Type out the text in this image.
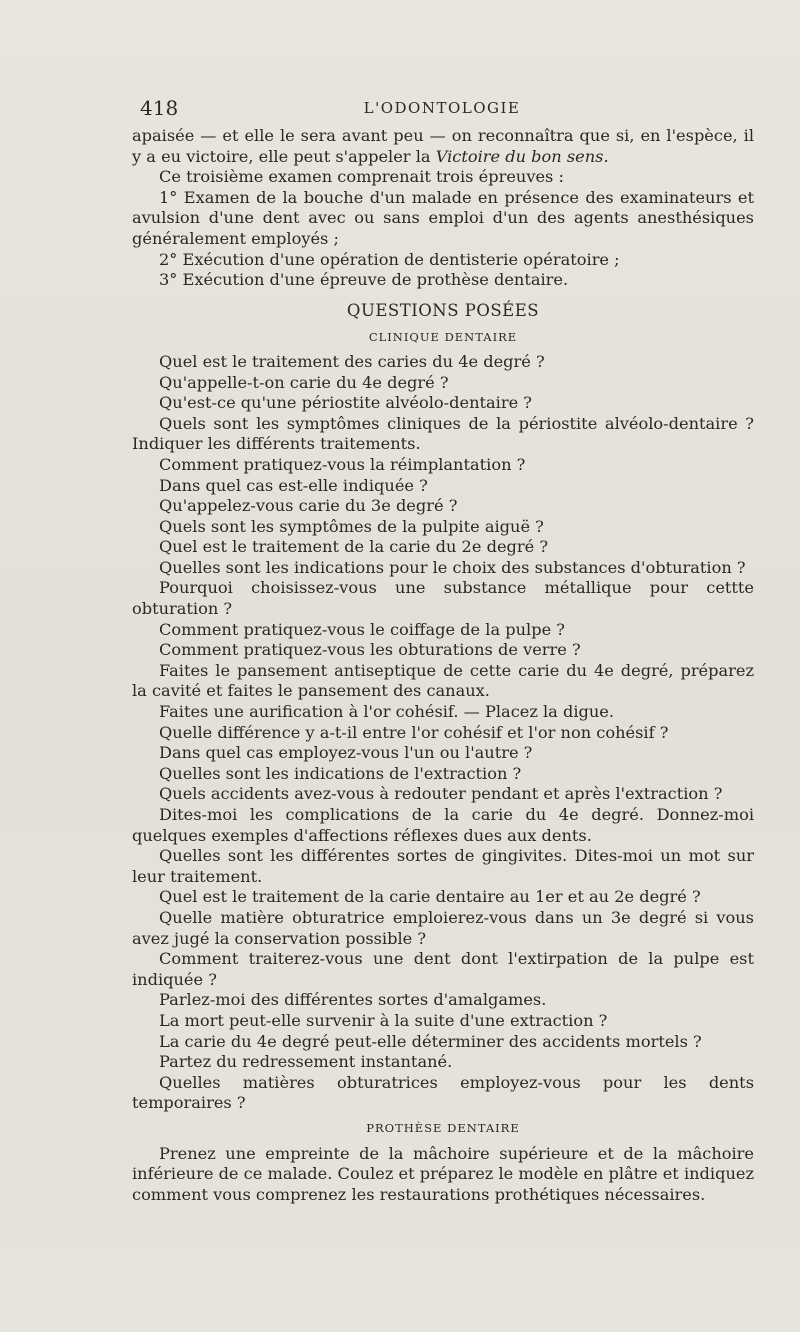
418	L'ODONTOLOGIE

apaisée — et elle le sera avant peu — on reconnaîtra que si, en l'espèce, il y a eu victoire, elle peut s'appeler la Victoire du bon sens.

Ce troisième examen comprenait trois épreuves :

1° Examen de la bouche d'un malade en présence des examinateurs et avulsion d'une dent avec ou sans emploi d'un des agents anesthésiques généralement employés ;

2° Exécution d'une opération de dentisterie opératoire ;

3° Exécution d'une épreuve de prothèse dentaire.

QUESTIONS POSÉES

CLINIQUE DENTAIRE

Quel est le traitement des caries du 4e degré ?

Qu'appelle-t-on carie du 4e degré ?

Qu'est-ce qu'une périostite alvéolo-dentaire ?

Quels sont les symptômes cliniques de la périostite alvéolo-dentaire ? Indiquer les différents traitements.

Comment pratiquez-vous la réimplantation ?

Dans quel cas est-elle indiquée ?

Qu'appelez-vous carie du 3e degré ?

Quels sont les symptômes de la pulpite aiguë ?

Quel est le traitement de la carie du 2e degré ?

Quelles sont les indications pour le choix des substances d'obturation ?

Pourquoi choisissez-vous une substance métallique pour cettte obturation ?

Comment pratiquez-vous le coiffage de la pulpe ?

Comment pratiquez-vous les obturations de verre ?

Faites le pansement antiseptique de cette carie du 4e degré, préparez la cavité et faites le pansement des canaux.

Faites une aurification à l'or cohésif. — Placez la digue.

Quelle différence y a-t-il entre l'or cohésif et l'or non cohésif ?

Dans quel cas employez-vous l'un ou l'autre ?

Quelles sont les indications de l'extraction ?

Quels accidents avez-vous à redouter pendant et après l'extraction ?

Dites-moi les complications de la carie du 4e degré. Donnez-moi quelques exemples d'affections réflexes dues aux dents.

Quelles sont les différentes sortes de gingivites. Dites-moi un mot sur leur traitement.

Quel est le traitement de la carie dentaire au 1er et au 2e degré ?

Quelle matière obturatrice emploierez-vous dans un 3e degré si vous avez jugé la conservation possible ?

Comment traiterez-vous une dent dont l'extirpation de la pulpe est indiquée ?

Parlez-moi des différentes sortes d'amalgames.

La mort peut-elle survenir à la suite d'une extraction ?

La carie du 4e degré peut-elle déterminer des accidents mortels ?

Partez du redressement instantané.

Quelles matières obturatrices employez-vous pour les dents temporaires ?

PROTHÈSE DENTAIRE

Prenez une empreinte de la mâchoire supérieure et de la mâchoire inférieure de ce malade. Coulez et préparez le modèle en plâtre et indiquez comment vous comprenez les restaurations prothétiques nécessaires.
